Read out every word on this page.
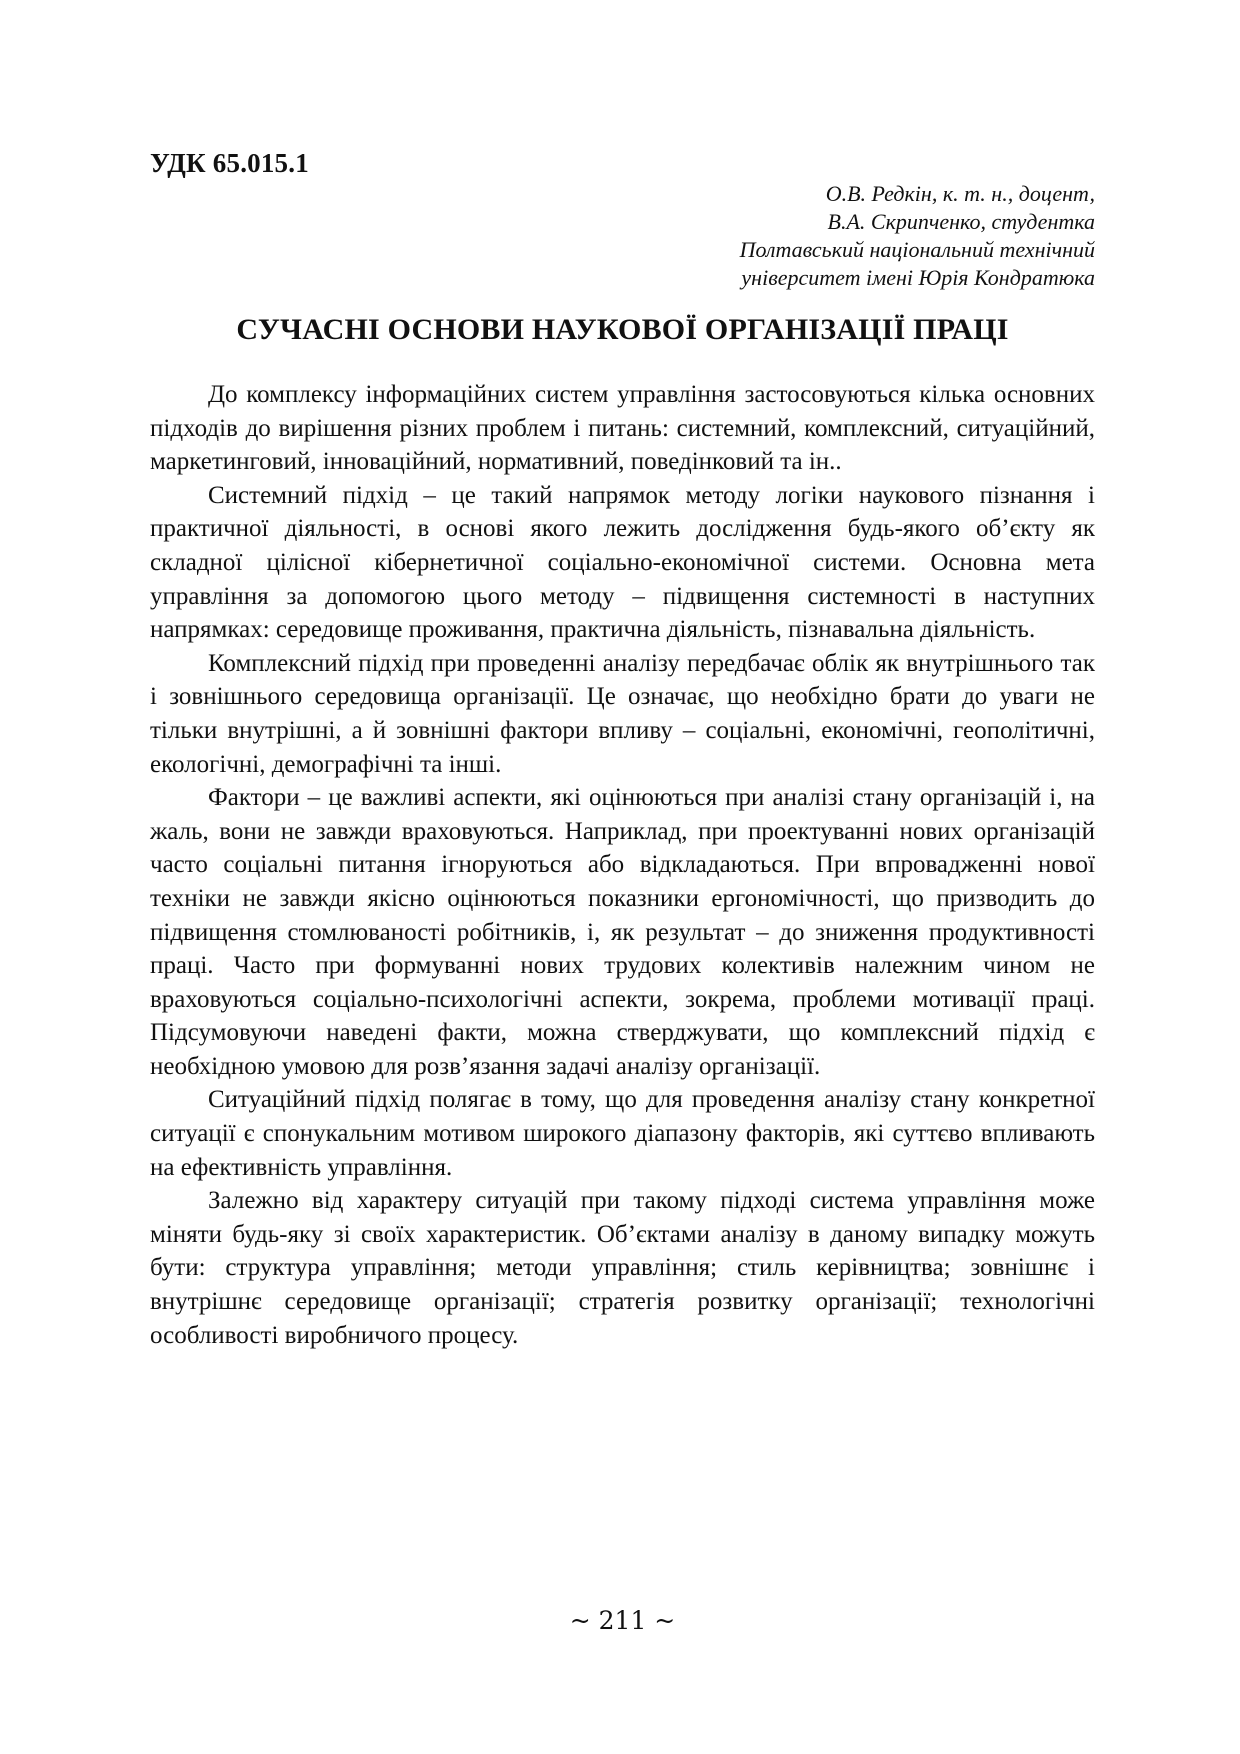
УДК 65.015.1
О.В. Редкін, к. т. н., доцент,
В.А. Скрипченко, студентка
Полтавський національний технічний
університет імені Юрія Кондратюка
СУЧАСНІ ОСНОВИ НАУКОВОЇ ОРГАНІЗАЦІЇ ПРАЦІ

До комплексу інформаційних систем управління застосовуються кілька основних підходів до вирішення різних проблем і питань: системний, комплексний, ситуаційний, маркетинговий, інноваційний, нормативний, поведінковий та ін..

Системний підхід – це такий напрямок методу логіки наукового пізнання і практичної діяльності, в основі якого лежить дослідження будь-якого об’єкту як складної цілісної кібернетичної соціально-економічної системи. Основна мета управління за допомогою цього методу – підвищення системності в наступних напрямках: середовище проживання, практична діяльність, пізнавальна діяльність.

Комплексний підхід при проведенні аналізу передбачає облік як внутрішнього так і зовнішнього середовища організації. Це означає, що необхідно брати до уваги не тільки внутрішні, а й зовнішні фактори впливу – соціальні, економічні, геополітичні, екологічні, демографічні та інші.

Фактори – це важливі аспекти, які оцінюються при аналізі стану організацій і, на жаль, вони не завжди враховуються. Наприклад, при проектуванні нових організацій часто соціальні питання ігноруються або відкладаються. При впровадженні нової техніки не завжди якісно оцінюються показники ергономічності, що призводить до підвищення стомлюваності робітників, і, як результат – до зниження продуктивності праці. Часто при формуванні нових трудових колективів належним чином не враховуються соціально-психологічні аспекти, зокрема, проблеми мотивації праці. Підсумовуючи наведені факти, можна стверджувати, що комплексний підхід є необхідною умовою для розв’язання задачі аналізу організації.

Ситуаційний підхід полягає в тому, що для проведення аналізу стану конкретної ситуації є спонукальним мотивом широкого діапазону факторів, які суттєво впливають на ефективність управління.

Залежно від характеру ситуацій при такому підході система управління може міняти будь-яку зі своїх характеристик. Об’єктами аналізу в даному випадку можуть бути: структура управління; методи управління; стиль керівництва; зовнішнє і внутрішнє середовище організації; стратегія розвитку організації; технологічні особливості виробничого процесу.

~ 211 ~
